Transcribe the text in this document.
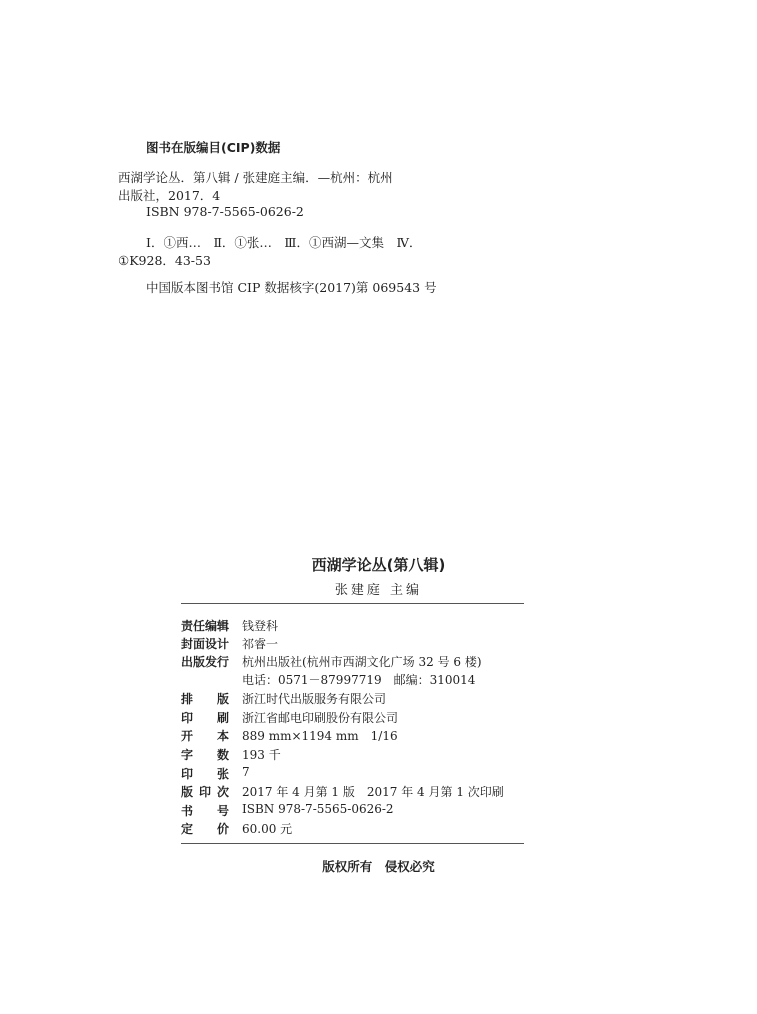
图书在版编目(CIP)数据
西湖学论丛．第八辑 / 张建庭主编．—杭州：杭州
出版社，2017．4
ISBN 978-7-5565-0626-2
Ⅰ．①西…　Ⅱ．①张…　Ⅲ．①西湖—文集　Ⅳ．
①K928．43-53
中国版本图书馆 CIP 数据核字(2017)第 069543 号
西湖学论丛(第八辑)
张建庭 主编
责任编辑 钱登科
封面设计 祁睿一
出版发行 杭州出版社(杭州市西湖文化广场 32 号 6 楼)
电话：0571－87997719　邮编：310014
排版 浙江时代出版服务有限公司
印刷 浙江省邮电印刷股份有限公司
开本 889 mm×1194 mm　1/16
字数 193 千
印张 7
版印次 2017 年 4 月第 1 版　2017 年 4 月第 1 次印刷
书号 ISBN 978-7-5565-0626-2
定价 60.00 元
版权所有　侵权必究
